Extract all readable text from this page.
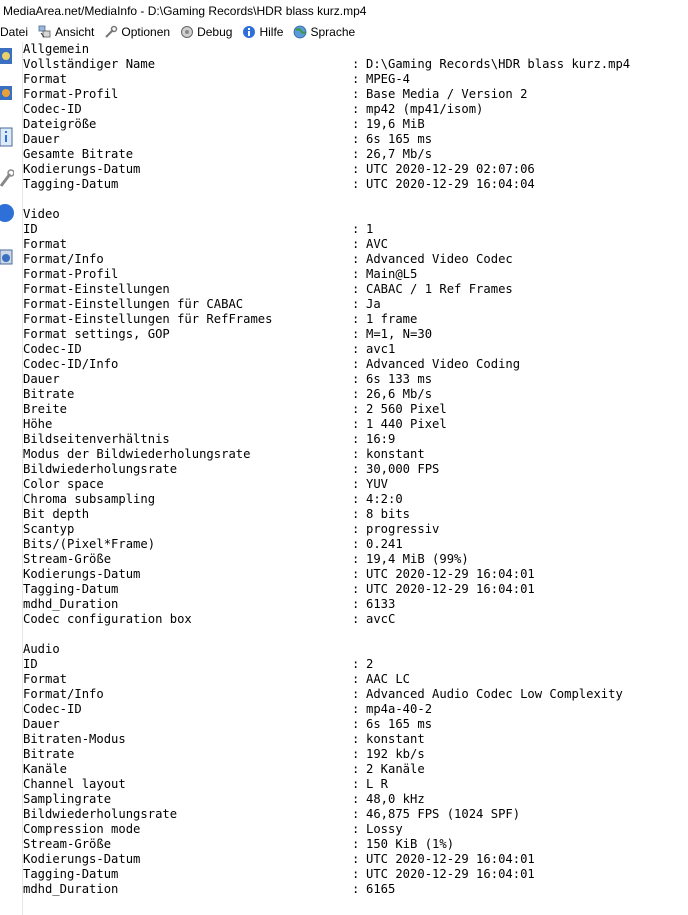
MediaArea.net/MediaInfo - D:\Gaming Records\HDR blass kurz.mp4
Datei Ansicht Optionen Debug Hilfe Sprache
Allgemein
Vollständiger Name	: D:\Gaming Records\HDR blass kurz.mp4
Format	: MPEG-4
Format-Profil	: Base Media / Version 2
Codec-ID	: mp42 (mp41/isom)
Dateigröße	: 19,6 MiB
Dauer	: 6s 165 ms
Gesamte Bitrate	: 26,7 Mb/s
Kodierungs-Datum	: UTC 2020-12-29 02:07:06
Tagging-Datum	: UTC 2020-12-29 16:04:04
Video
ID	: 1
Format	: AVC
Format/Info	: Advanced Video Codec
Format-Profil	: Main@L5
Format-Einstellungen	: CABAC / 1 Ref Frames
Format-Einstellungen für CABAC	: Ja
Format-Einstellungen für RefFrames	: 1 frame
Format settings, GOP	: M=1, N=30
Codec-ID	: avc1
Codec-ID/Info	: Advanced Video Coding
Dauer	: 6s 133 ms
Bitrate	: 26,6 Mb/s
Breite	: 2 560 Pixel
Höhe	: 1 440 Pixel
Bildseitenverhältnis	: 16:9
Modus der Bildwiederholungsrate	: konstant
Bildwiederholungsrate	: 30,000 FPS
Color space	: YUV
Chroma subsampling	: 4:2:0
Bit depth	: 8 bits
Scantyp	: progressiv
Bits/(Pixel*Frame)	: 0.241
Stream-Größe	: 19,4 MiB (99%)
Kodierungs-Datum	: UTC 2020-12-29 16:04:01
Tagging-Datum	: UTC 2020-12-29 16:04:01
mdhd_Duration	: 6133
Codec configuration box	: avcC
Audio
ID	: 2
Format	: AAC LC
Format/Info	: Advanced Audio Codec Low Complexity
Codec-ID	: mp4a-40-2
Dauer	: 6s 165 ms
Bitraten-Modus	: konstant
Bitrate	: 192 kb/s
Kanäle	: 2 Kanäle
Channel layout	: L R
Samplingrate	: 48,0 kHz
Bildwiederholungsrate	: 46,875 FPS (1024 SPF)
Compression mode	: Lossy
Stream-Größe	: 150 KiB (1%)
Kodierungs-Datum	: UTC 2020-12-29 16:04:01
Tagging-Datum	: UTC 2020-12-29 16:04:01
mdhd_Duration	: 6165
